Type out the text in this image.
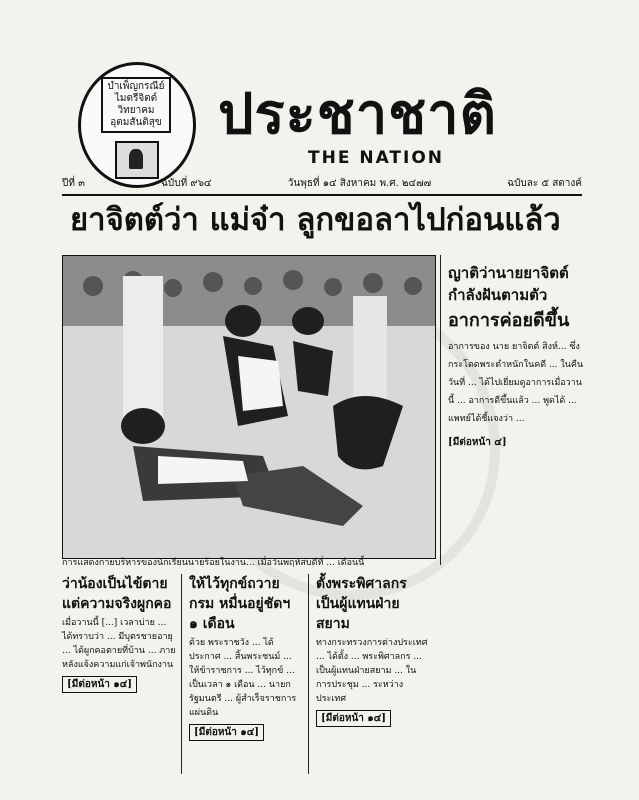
บำเพ็ญกรณีย์
ไมตรีจิตต์
วิทยาคม
อุตมสันติสุข ประชาชาติ
THE NATION
ปีที่ ๓	ฉบับที่ ๙๖๔	วันพุธที่ ๑๔ สิงหาคม พ.ศ. ๒๔๗๗	ฉบับละ ๕ สตางค์
ยาจิตต์ว่า แม่จ๋า ลูกขอลาไปก่อนแล้ว
การแสดงกายบริหารของนักเรียนนายร้อยในงาน... เมื่อวันพฤหัสบดีที่ ... เดือนนี้
ญาติว่านายยาจิตต์ กำลังฝันตามตัว
อาการค่อยดีขึ้น
อาการของ นาย ยาจิตต์ สิงห์... ซึ่งกระโดดพระตำหนักในคดี ... ในคืนวันที่ ... ได้ไปเยี่ยมดูอาการเมื่อวานนี้ ... อาการดีขึ้นแล้ว ... พูดได้ ... แพทย์ได้ชี้แจงว่า ...
[มีต่อหน้า ๔]
ว่าน้องเป็นไข้ตาย แต่ความจริงผูกคอ

เมื่อวานนี้ [...] เวลาบ่าย ... ได้ทราบว่า ... มีบุตรชายอายุ ... ได้ผูกคอตายที่บ้าน ... ภายหลังแจ้งความแก่เจ้าพนักงาน

[มีต่อหน้า ๑๔]
ให้ไว้ทุกข์ถวายกรม หมื่นอยู่ชัดฯ ๑ เดือน

ด้วย พระราชวัง ... ได้ประกาศ ... สิ้นพระชนม์ ... ให้ข้าราชการ ... ไว้ทุกข์ ... เป็นเวลา ๑ เดือน ... นายกรัฐมนตรี ... ผู้สำเร็จราชการแผ่นดิน

[มีต่อหน้า ๑๔]
ตั้งพระพิศาลกร เป็นผู้แทนฝ่ายสยาม

ทางกระทรวงการต่างประเทศ ... ได้ตั้ง ... พระพิศาลกร ... เป็นผู้แทนฝ่ายสยาม ... ในการประชุม ... ระหว่างประเทศ

[มีต่อหน้า ๑๔]
